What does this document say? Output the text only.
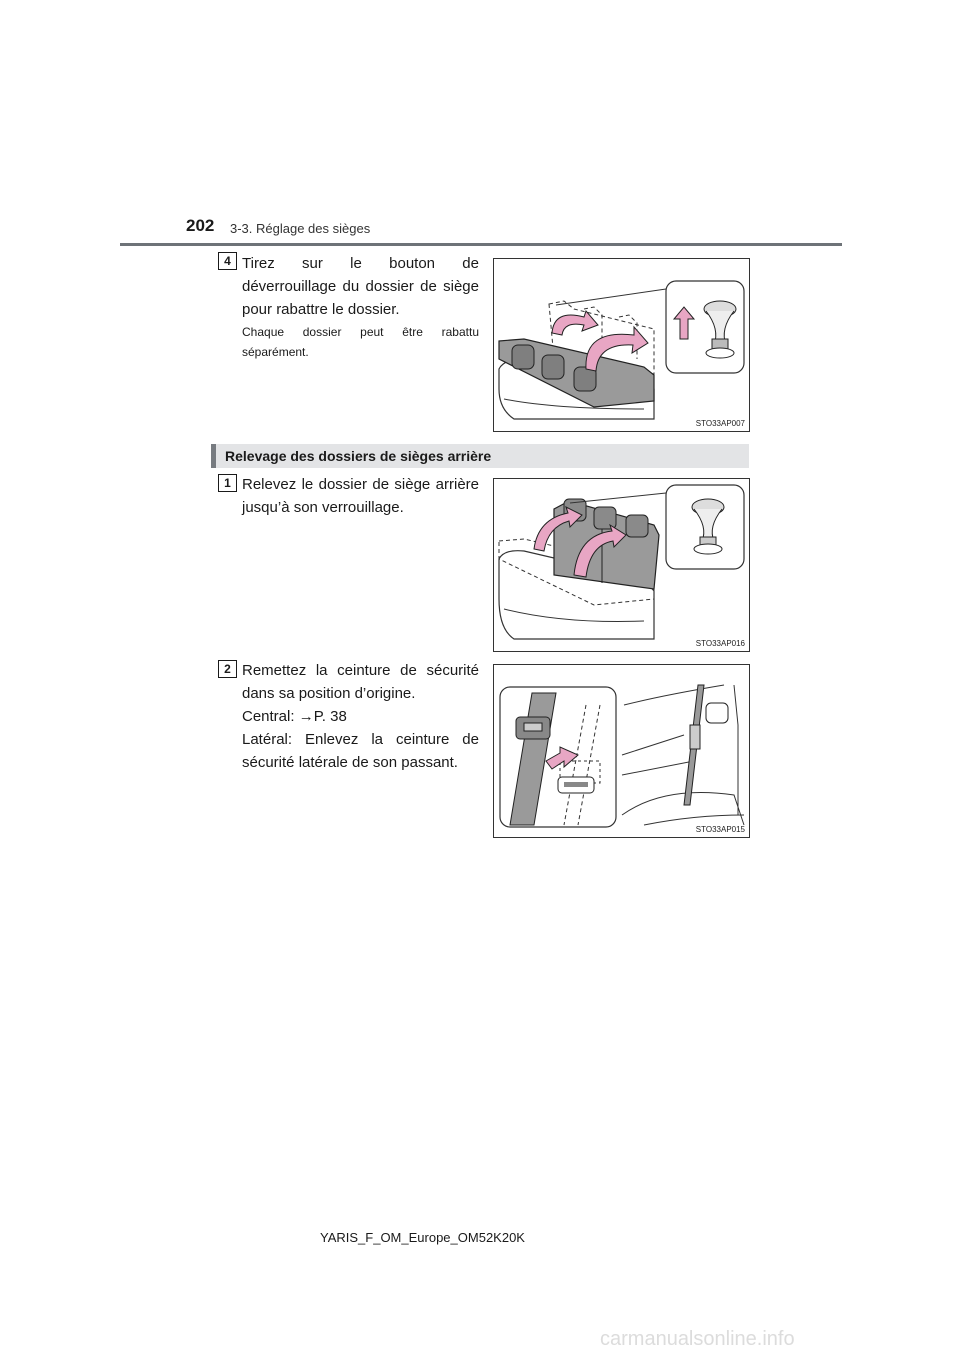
202 3-3. Réglage des sièges
4 Tirez sur le bouton de déverrouillage du dossier de siège pour rabattre le dossier.

Chaque dossier peut être rabattu séparément.
STO33AP007
Relevage des dossiers de sièges arrière
1 Relevez le dossier de siège arrière jusqu’à son verrouillage.

STO33AP016
2 Remettez la ceinture de sécurité dans sa position d’origine.

Central: →P. 38

Latéral: Enlevez la ceinture de sécurité latérale de son passant.

STO33AP015
YARIS_F_OM_Europe_OM52K20K
carmanualsonline.info
